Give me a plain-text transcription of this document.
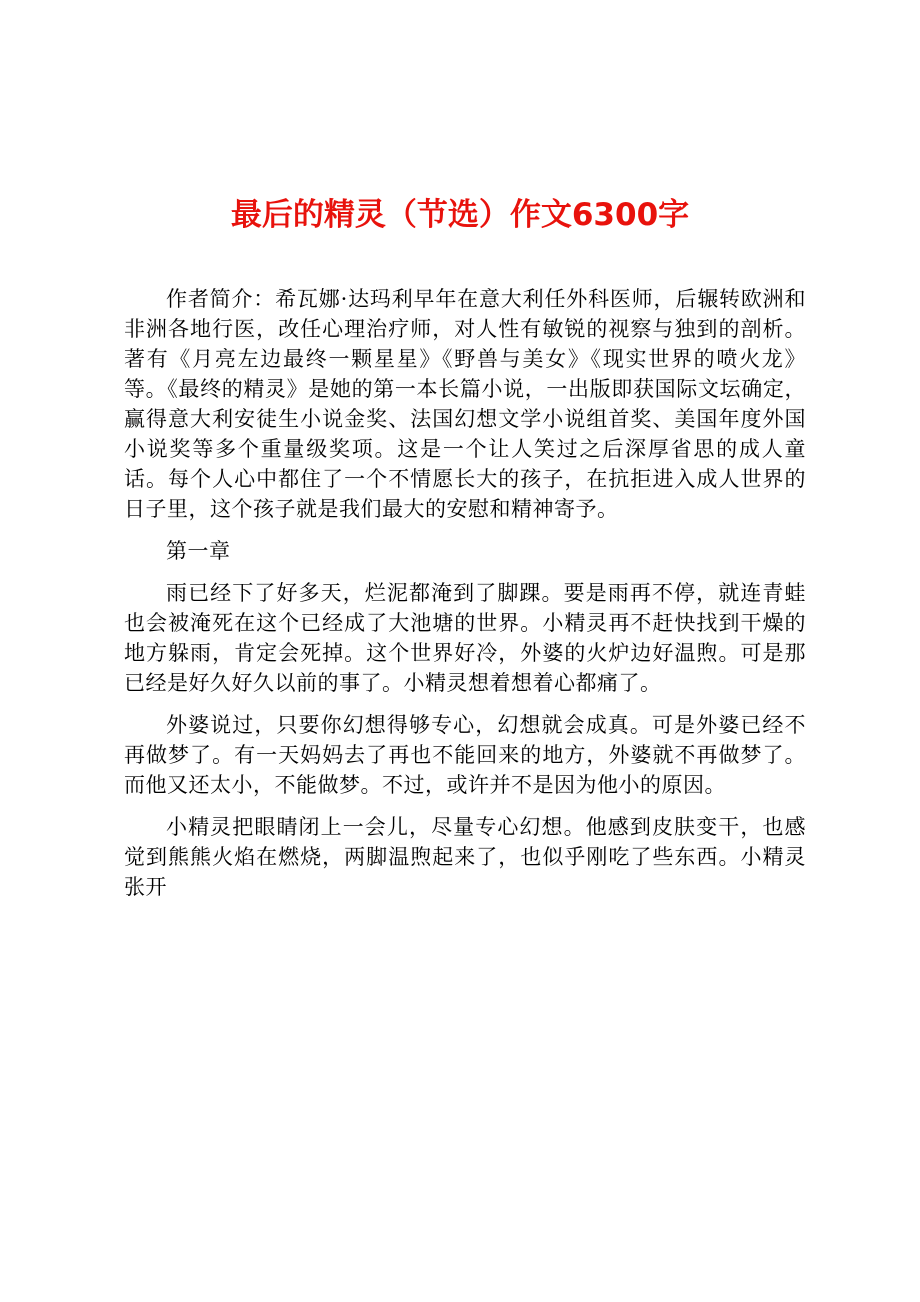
最后的精灵（节选）作文6300字

作者简介：希瓦娜·达玛利早年在意大利任外科医师，后辗转欧洲和非洲各地行医，改任心理治疗师，对人性有敏锐的视察与独到的剖析。著有《月亮左边最终一颗星星》《野兽与美女》《现实世界的喷火龙》等。《最终的精灵》是她的第一本长篇小说，一出版即获国际文坛确定，赢得意大利安徒生小说金奖、法国幻想文学小说组首奖、美国年度外国小说奖等多个重量级奖项。这是一个让人笑过之后深厚省思的成人童话。每个人心中都住了一个不情愿长大的孩子，在抗拒进入成人世界的日子里，这个孩子就是我们最大的安慰和精神寄予。

第一章

雨已经下了好多天，烂泥都淹到了脚踝。要是雨再不停，就连青蛙也会被淹死在这个已经成了大池塘的世界。小精灵再不赶快找到干燥的地方躲雨，肯定会死掉。这个世界好冷，外婆的火炉边好温煦。可是那已经是好久好久以前的事了。小精灵想着想着心都痛了。

外婆说过，只要你幻想得够专心，幻想就会成真。可是外婆已经不再做梦了。有一天妈妈去了再也不能回来的地方，外婆就不再做梦了。而他又还太小，不能做梦。不过，或许并不是因为他小的原因。

小精灵把眼睛闭上一会儿，尽量专心幻想。他感到皮肤变干，也感觉到熊熊火焰在燃烧，两脚温煦起来了，也似乎刚吃了些东西。小精灵张开
